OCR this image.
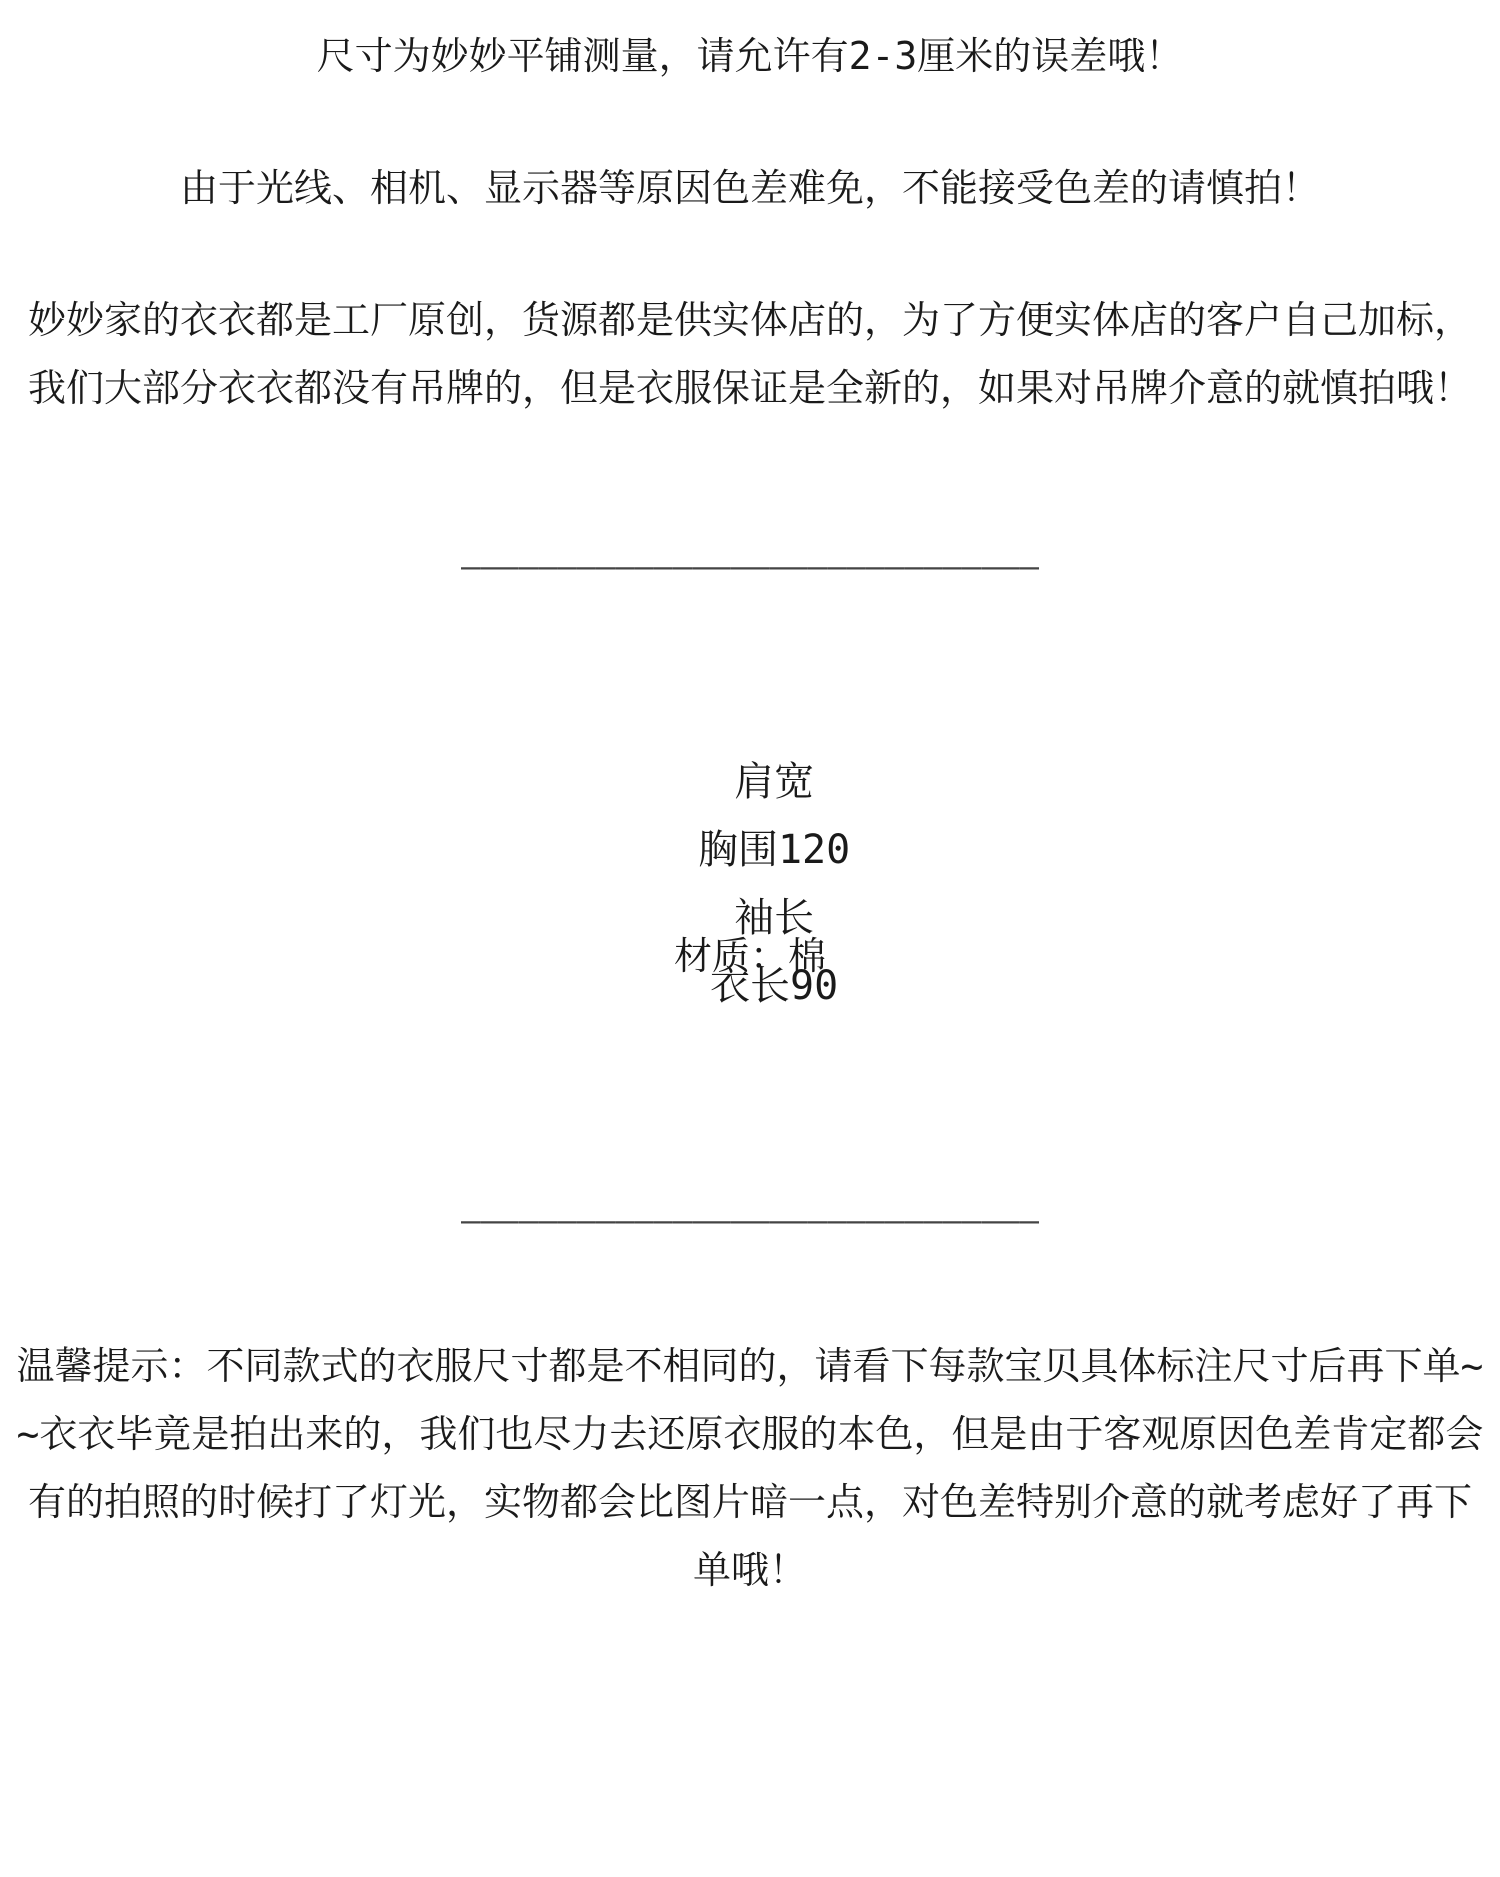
尺寸为妙妙平铺测量，请允许有2-3厘米的误差哦！

由于光线、相机、显示器等原因色差难免，不能接受色差的请慎拍！

妙妙家的衣衣都是工厂原创，货源都是供实体店的，为了方便实体店的客户自己加标，我们大部分衣衣都没有吊牌的，但是衣服保证是全新的，如果对吊牌介意的就慎拍哦！

——————————————————————————————

肩宽
胸围120
袖长
衣长90

材质：棉

——————————————————————————————

温馨提示：不同款式的衣服尺寸都是不相同的，请看下每款宝贝具体标注尺寸后再下单~~衣衣毕竟是拍出来的，我们也尽力去还原衣服的本色，但是由于客观原因色差肯定都会有的拍照的时候打了灯光，实物都会比图片暗一点，对色差特别介意的就考虑好了再下单哦！
